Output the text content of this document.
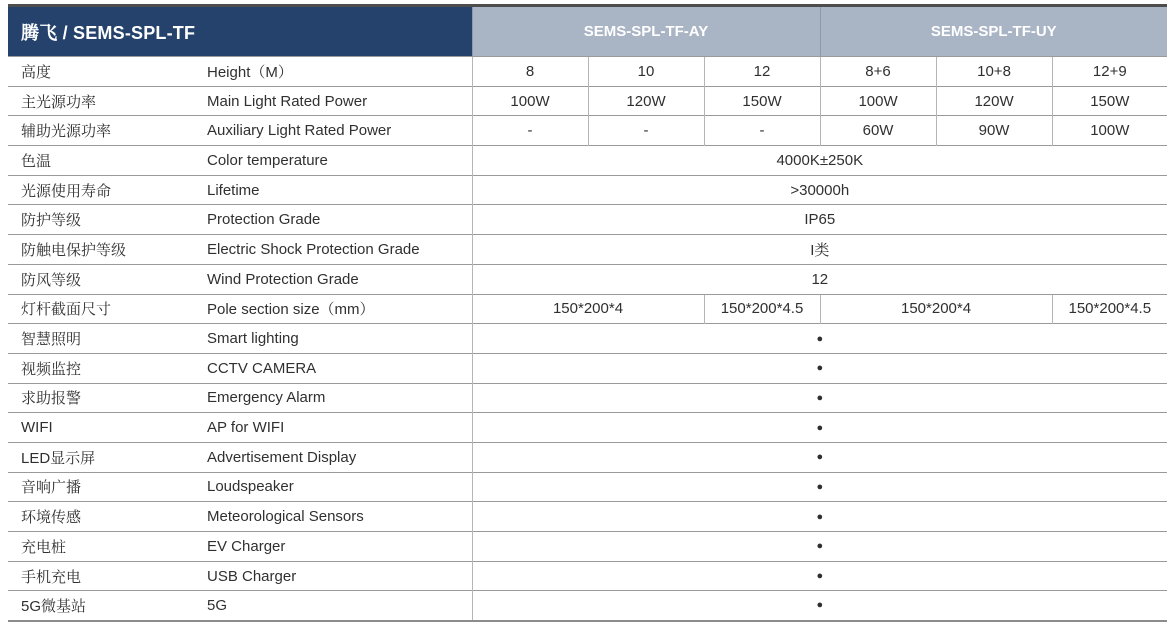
腾飞 / SEMS-SPL-TF		SEMS-SPL-TF-AY			SEMS-SPL-TF-UY		
高度	Height（M）	8	10	12	8+6	10+8	12+9
主光源功率	Main Light Rated Power	100W	120W	150W	100W	120W	150W
辅助光源功率	Auxiliary Light Rated Power	-	-	-	60W	90W	100W
色温	Color temperature	4000K±250K					
光源使用寿命	Lifetime	>30000h					
防护等级	Protection Grade	IP65					
防触电保护等级	Electric Shock Protection Grade	I类					
防风等级	Wind Protection Grade	12					
灯杆截面尺寸	Pole section size（mm）	150*200*4		150*200*4.5	150*200*4		150*200*4.5
智慧照明	Smart lighting	●					
视频监控	CCTV CAMERA	●					
求助报警	Emergency Alarm	●					
WIFI	AP for WIFI	●					
LED显示屏	Advertisement Display	●					
音响广播	Loudspeaker	●					
环境传感	Meteorological Sensors	●					
充电桩	EV Charger	●					
手机充电	USB Charger	●					
5G微基站	5G	●					
